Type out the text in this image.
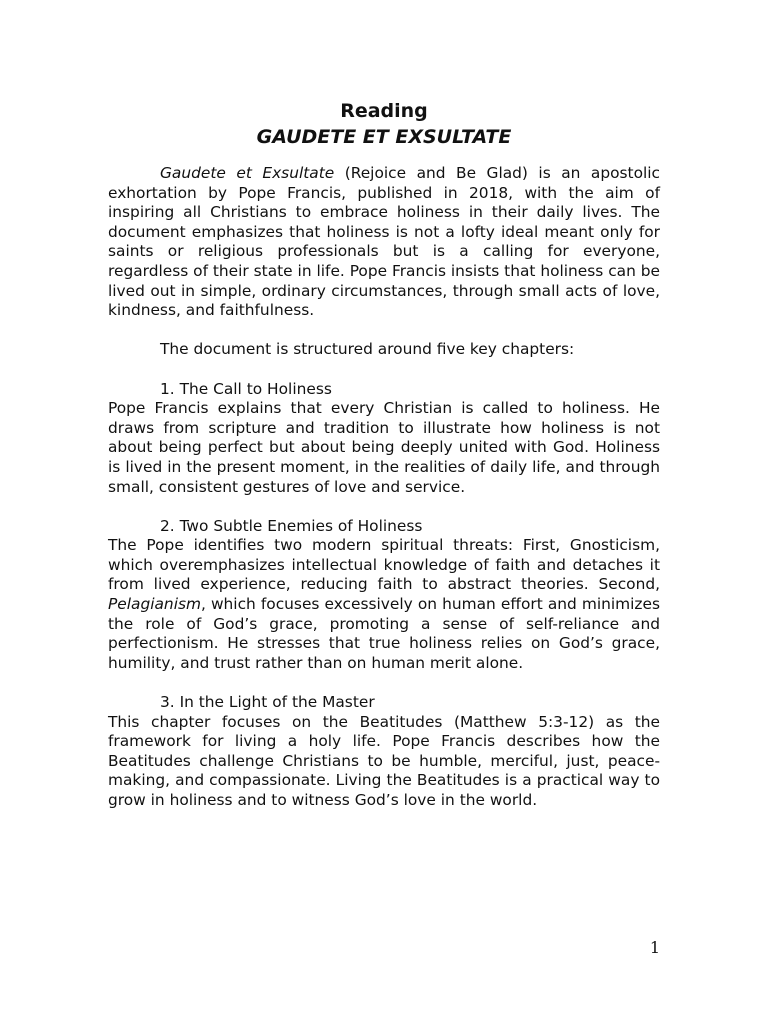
Reading
GAUDETE ET EXSULTATE

Gaudete et Exsultate (Rejoice and Be Glad) is an apostolic exhortation by Pope Francis, published in 2018, with the aim of inspiring all Christians to embrace holiness in their daily lives. The document emphasizes that holiness is not a lofty ideal meant only for saints or religious professionals but is a calling for everyone, regardless of their state in life. Pope Francis insists that holiness can be lived out in simple, ordinary circumstances, through small acts of love, kindness, and faithfulness.

The document is structured around five key chapters:

1. The Call to Holiness

Pope Francis explains that every Christian is called to holiness. He draws from scripture and tradition to illustrate how holiness is not about being perfect but about being deeply united with God. Holiness is lived in the present moment, in the realities of daily life, and through small, consistent gestures of love and service.

2. Two Subtle Enemies of Holiness

The Pope identifies two modern spiritual threats: First, Gnosticism, which overemphasizes intellectual knowledge of faith and detaches it from lived experience, reducing faith to abstract theories. Second, Pelagianism, which focuses excessively on human effort and minimizes the role of God’s grace, promoting a sense of self-reliance and perfectionism. He stresses that true holiness relies on God’s grace, humility, and trust rather than on human merit alone.

3. In the Light of the Master

This chapter focuses on the Beatitudes (Matthew 5:3-12) as the framework for living a holy life. Pope Francis describes how the Beatitudes challenge Christians to be humble, merciful, just, peace-making, and compassionate. Living the Beatitudes is a practical way to grow in holiness and to witness God’s love in the world.

1
